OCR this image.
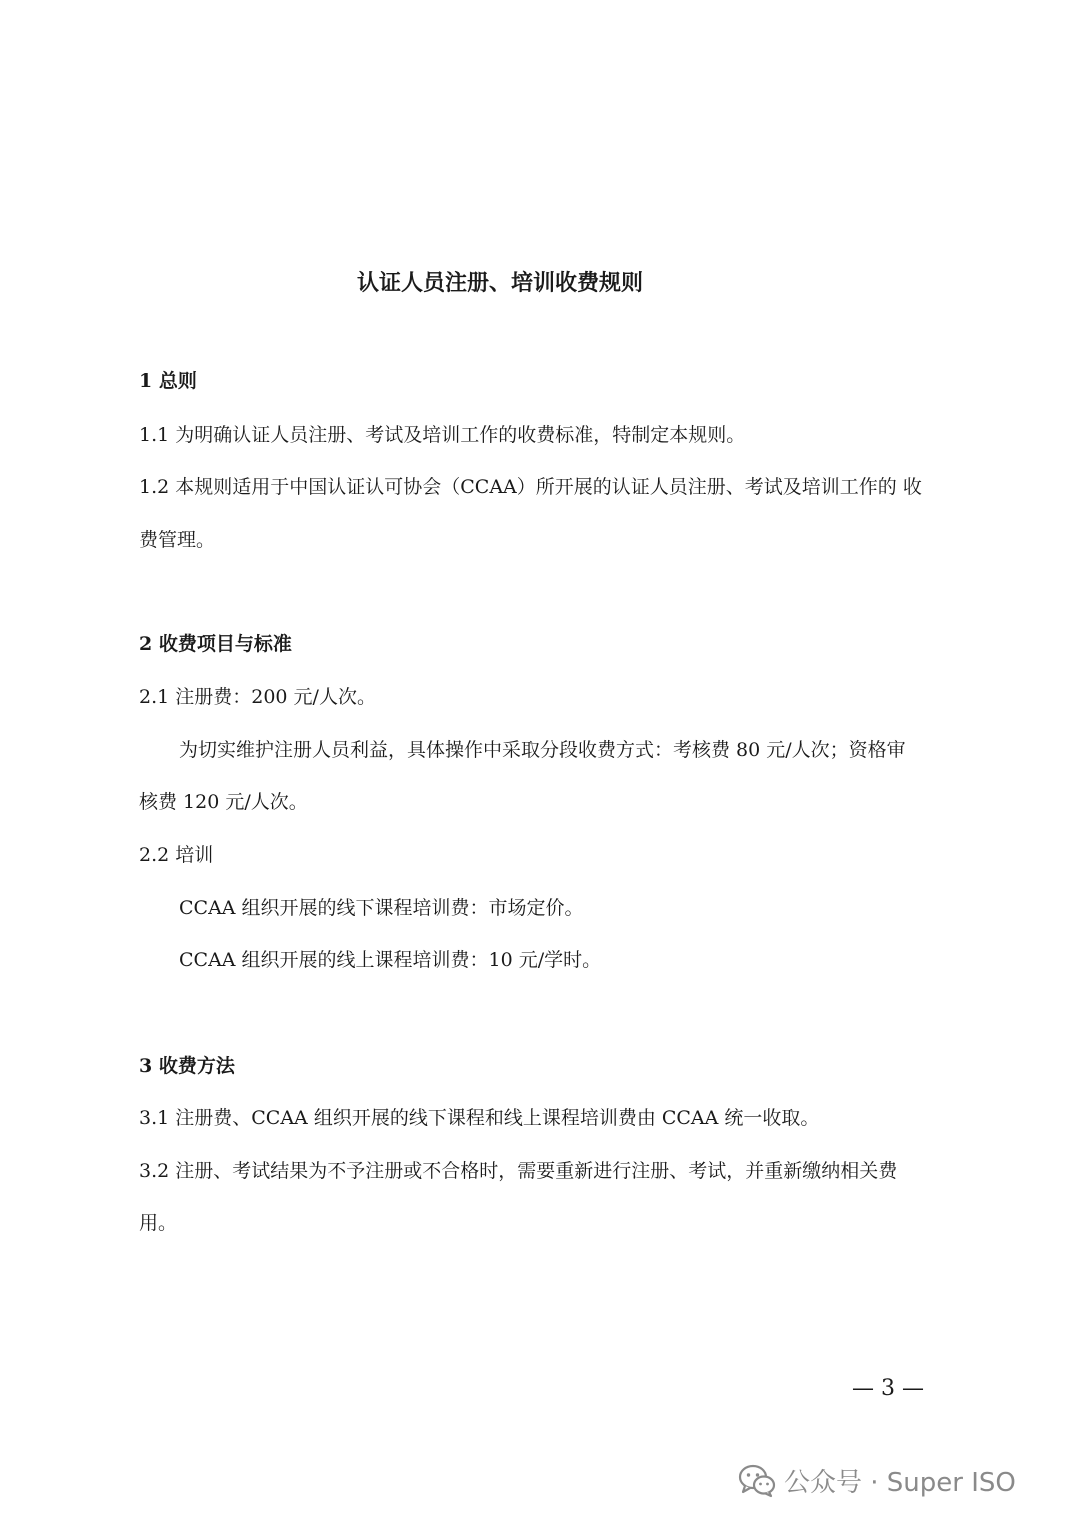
认证人员注册、培训收费规则

1 总则

1.1 为明确认证人员注册、考试及培训工作的收费标准，特制定本规则。

1.2 本规则适用于中国认证认可协会（CCAA）所开展的认证人员注册、考试及培训工作的 收

费管理。

2 收费项目与标准

2.1 注册费：200 元/人次。

为切实维护注册人员利益，具体操作中采取分段收费方式：考核费 80 元/人次；资格审

核费 120 元/人次。

2.2 培训

CCAA 组织开展的线下课程培训费：市场定价。

CCAA 组织开展的线上课程培训费：10 元/学时。

3 收费方法

3.1 注册费、CCAA 组织开展的线下课程和线上课程培训费由 CCAA 统一收取。

3.2 注册、考试结果为不予注册或不合格时，需要重新进行注册、考试，并重新缴纳相关费

用。

— 3 —
公众号 · Super ISO
